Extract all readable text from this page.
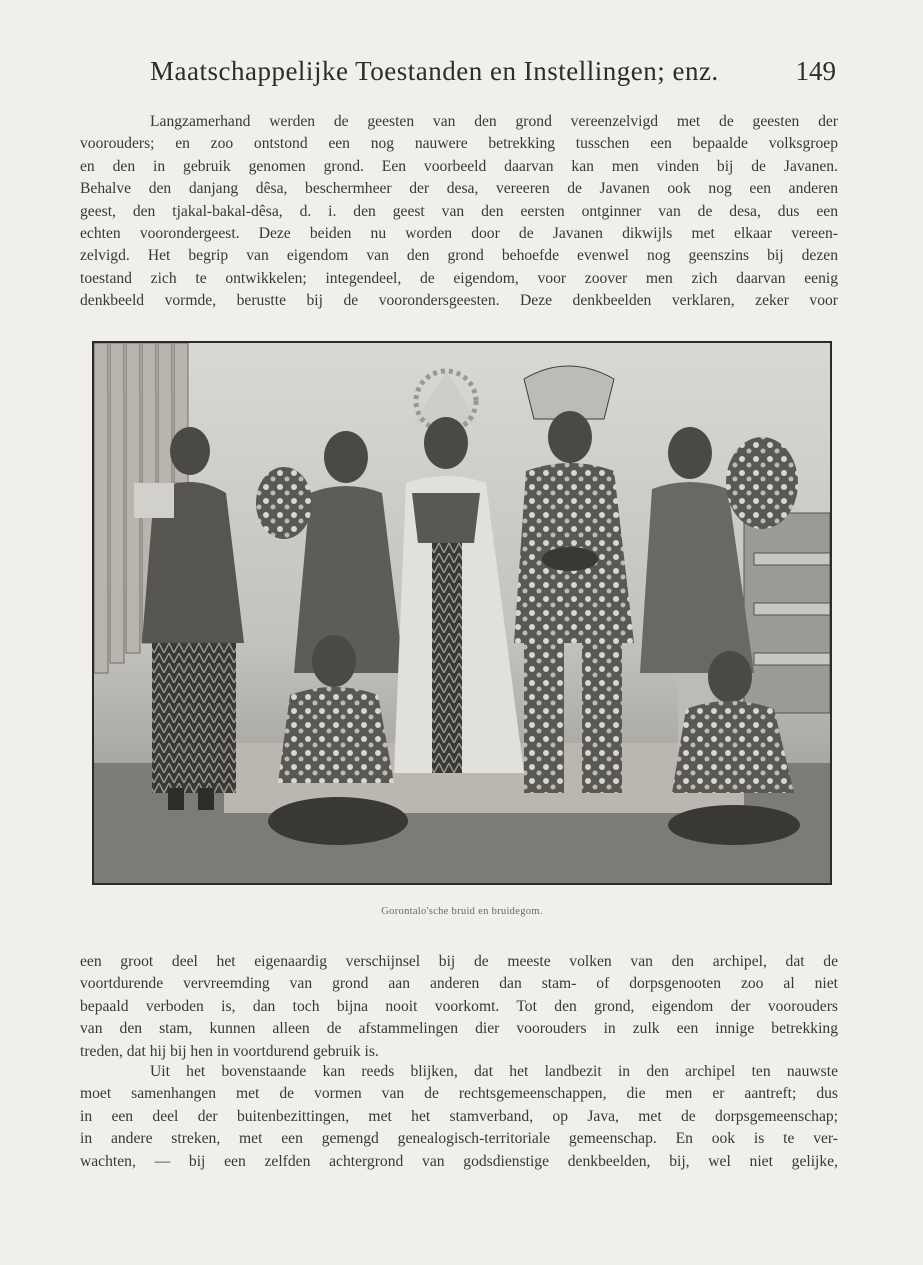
Maatschappelijke Toestanden en Instellingen; enz.	149
Langzamerhand werden de geesten van den grond vereenzelvigd met de geesten der
voorouders; en zoo ontstond een nog nauwere betrekking tusschen een bepaalde volksgroep
en den in gebruik genomen grond. Een voorbeeld daarvan kan men vinden bij de Javanen.
Behalve den danjang dêsa, beschermheer der desa, vereeren de Javanen ook nog een anderen
geest, den tjakal-bakal-dêsa, d. i. den geest van den eersten ontginner van de desa, dus een
echten voorondergeest. Deze beiden nu worden door de Javanen dikwijls met elkaar vereen-
zelvigd. Het begrip van eigendom van den grond behoefde evenwel nog geenszins bij dezen
toestand zich te ontwikkelen; integendeel, de eigendom, voor zoover men zich daarvan eenig
denkbeeld vormde, berustte bij de voorondersgeesten. Deze denkbeelden verklaren, zeker voor
Gorontalo'sche bruid en bruidegom.
een groot deel het eigenaardig verschijnsel bij de meeste volken van den archipel, dat de
voortdurende vervreemding van grond aan anderen dan stam- of dorpsgenooten zoo al niet
bepaald verboden is, dan toch bijna nooit voorkomt. Tot den grond, eigendom der voorouders
van den stam, kunnen alleen de afstammelingen dier voorouders in zulk een innige betrekking
treden, dat hij bij hen in voortdurend gebruik is.
Uit het bovenstaande kan reeds blijken, dat het landbezit in den archipel ten nauwste
moet samenhangen met de vormen van de rechtsgemeenschappen, die men er aantreft; dus
in een deel der buitenbezittingen, met het stamverband, op Java, met de dorpsgemeenschap;
in andere streken, met een gemengd genealogisch-territoriale gemeenschap. En ook is te ver-
wachten, — bij een zelfden achtergrond van godsdienstige denkbeelden, bij, wel niet gelijke,
